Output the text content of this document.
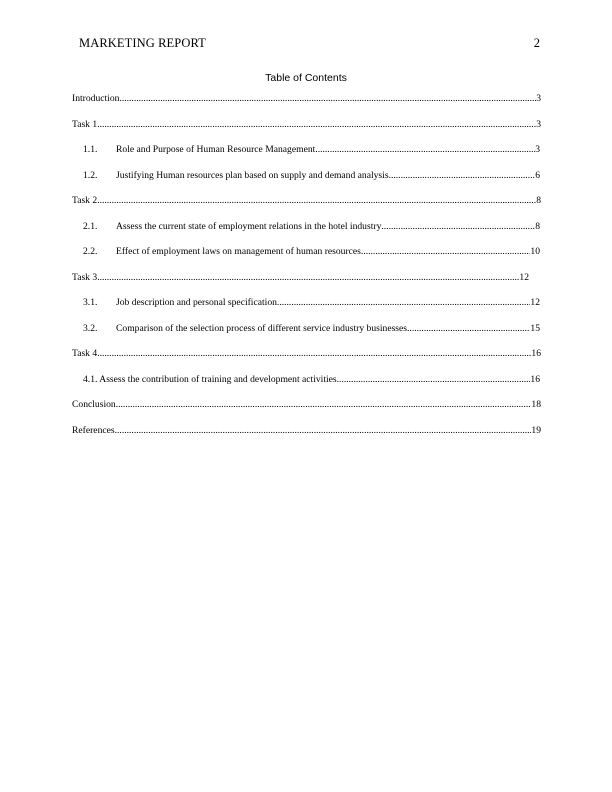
MARKETING REPORT	2
Table of Contents
Introduction .....	3
Task 1 .....	3
1.1.	Role and Purpose of Human Resource Management .....	3
1.2.	Justifying Human resources plan based on supply and demand analysis .....	6
Task 2 .....	8
2.1.	Assess the current state of employment relations in the hotel industry .....	8
2.2.	Effect of employment laws on management of human resources .....	10
Task 3 .....	12
3.1.	Job description and personal specification .....	12
3.2.	Comparison of the selection process of different service industry businesses .....	15
Task 4 .....	16
4.1. Assess the contribution of training and development activities .....	16
Conclusion .....	18
References .....	19
